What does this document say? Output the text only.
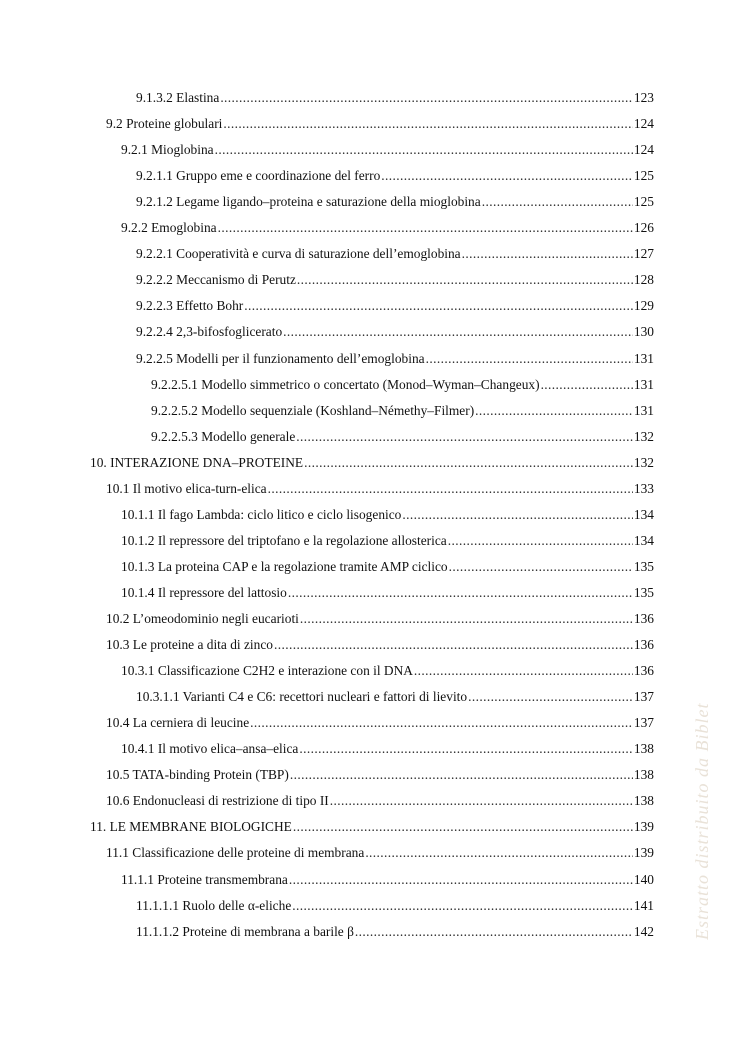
9.1.3.2 Elastina .....	123
9.2 Proteine globulari .....	124
9.2.1 Mioglobina .....	124
9.2.1.1 Gruppo eme e coordinazione del ferro .....	125
9.2.1.2 Legame ligando–proteina e saturazione della mioglobina .....	125
9.2.2 Emoglobina .....	126
9.2.2.1 Cooperatività e curva di saturazione dell’emoglobina .....	127
9.2.2.2 Meccanismo di Perutz .....	128
9.2.2.3 Effetto Bohr .....	129
9.2.2.4 2,3-bifosfoglicerato .....	130
9.2.2.5 Modelli per il funzionamento dell’emoglobina .....	131
9.2.2.5.1 Modello simmetrico o concertato (Monod–Wyman–Changeux) .....	131
9.2.2.5.2 Modello sequenziale (Koshland–Némethy–Filmer) .....	131
9.2.2.5.3 Modello generale .....	132
10. INTERAZIONE DNA–PROTEINE .....	132
10.1 Il motivo elica-turn-elica .....	133
10.1.1 Il fago Lambda: ciclo litico e ciclo lisogenico .....	134
10.1.2 Il repressore del triptofano e la regolazione allosterica .....	134
10.1.3 La proteina CAP e la regolazione tramite AMP ciclico .....	135
10.1.4 Il repressore del lattosio .....	135
10.2 L’omeodominio negli eucarioti .....	136
10.3 Le proteine a dita di zinco .....	136
10.3.1 Classificazione C2H2 e interazione con il DNA .....	136
10.3.1.1 Varianti C4 e C6: recettori nucleari e fattori di lievito .....	137
10.4 La cerniera di leucine .....	137
10.4.1 Il motivo elica–ansa–elica .....	138
10.5 TATA-binding Protein (TBP) .....	138
10.6 Endonucleasi di restrizione di tipo II .....	138
11. LE MEMBRANE BIOLOGICHE .....	139
11.1 Classificazione delle proteine di membrana .....	139
11.1.1 Proteine transmembrana .....	140
11.1.1.1 Ruolo delle α-eliche .....	141
11.1.1.2 Proteine di membrana a barile β .....	142 Estratto distribuito da Biblet
